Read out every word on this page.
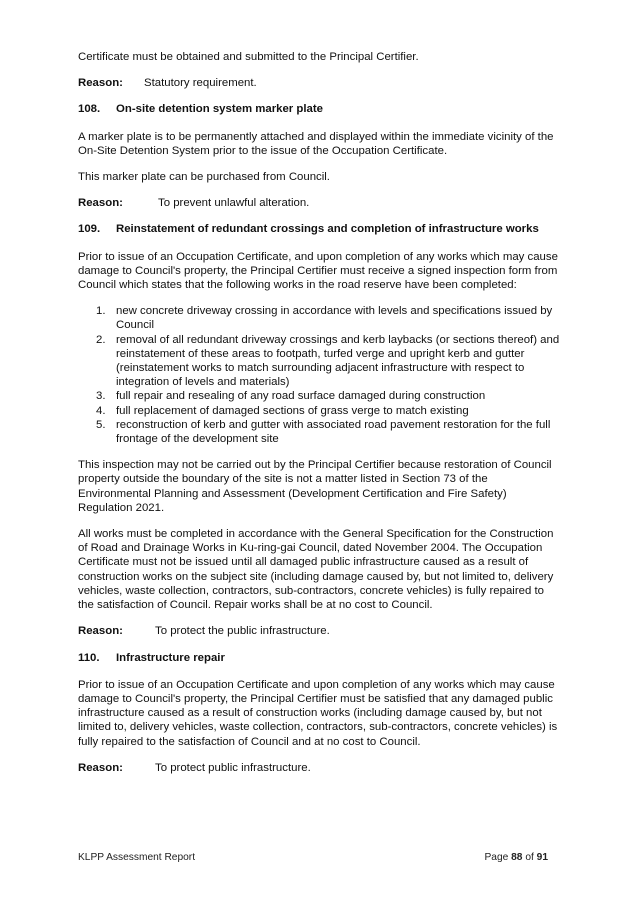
Certificate must be obtained and submitted to the Principal Certifier.

Reason:	Statutory requirement.
108.	On-site detention system marker plate

A marker plate is to be permanently attached and displayed within the immediate vicinity of the On-Site Detention System prior to the issue of the Occupation Certificate.

This marker plate can be purchased from Council.

Reason:	To prevent unlawful alteration.
109.	Reinstatement of redundant crossings and completion of infrastructure works

Prior to issue of an Occupation Certificate, and upon completion of any works which may cause damage to Council's property, the Principal Certifier must receive a signed inspection form from Council which states that the following works in the road reserve have been completed:

1. new concrete driveway crossing in accordance with levels and specifications issued by Council
2. removal of all redundant driveway crossings and kerb laybacks (or sections thereof) and reinstatement of these areas to footpath, turfed verge and upright kerb and gutter (reinstatement works to match surrounding adjacent infrastructure with respect to integration of levels and materials)
3. full repair and resealing of any road surface damaged during construction
4. full replacement of damaged sections of grass verge to match existing
5. reconstruction of kerb and gutter with associated road pavement restoration for the full frontage of the development site

This inspection may not be carried out by the Principal Certifier because restoration of Council property outside the boundary of the site is not a matter listed in Section 73 of the Environmental Planning and Assessment (Development Certification and Fire Safety) Regulation 2021.

All works must be completed in accordance with the General Specification for the Construction of Road and Drainage Works in Ku-ring-gai Council, dated November 2004. The Occupation Certificate must not be issued until all damaged public infrastructure caused as a result of construction works on the subject site (including damage caused by, but not limited to, delivery vehicles, waste collection, contractors, sub-contractors, concrete vehicles) is fully repaired to the satisfaction of Council. Repair works shall be at no cost to Council.

Reason:	To protect the public infrastructure.
110.	Infrastructure repair

Prior to issue of an Occupation Certificate and upon completion of any works which may cause damage to Council's property, the Principal Certifier must be satisfied that any damaged public infrastructure caused as a result of construction works (including damage caused by, but not limited to, delivery vehicles, waste collection, contractors, sub-contractors, concrete vehicles) is fully repaired to the satisfaction of Council and at no cost to Council.

Reason:	To protect public infrastructure.
KLPP Assessment Report	Page 88 of 91
